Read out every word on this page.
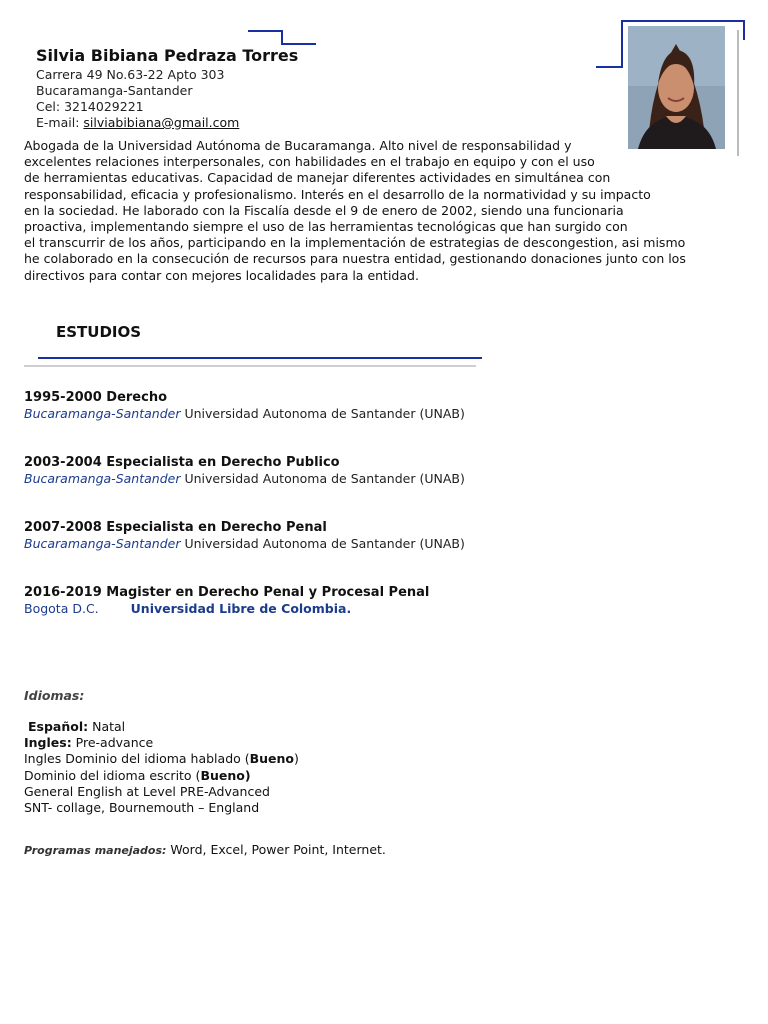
Silvia Bibiana Pedraza Torres
Carrera 49 No.63-22 Apto 303
Bucaramanga-Santander
Cel: 3214029221
E-mail: silviabibiana@gmail.com
Abogada de la Universidad Autónoma de Bucaramanga. Alto nivel de responsabilidad y
excelentes relaciones interpersonales, con habilidades en el trabajo en equipo y con el uso
de herramientas educativas. Capacidad de manejar diferentes actividades en simultánea con
responsabilidad, eficacia y profesionalismo. Interés en el desarrollo de la normatividad y su impacto
en la sociedad. He laborado con la Fiscalía desde el 9 de enero de 2002, siendo una funcionaria
proactiva, implementando siempre el uso de las herramientas tecnológicas que han surgido con
el transcurrir de los años, participando en la implementación de estrategias de descongestion, asi mismo
he colaborado en la consecución de recursos para nuestra entidad, gestionando donaciones junto con los
directivos para contar con mejores localidades para la entidad.
ESTUDIOS
1995-2000 Derecho
Bucaramanga-Santander Universidad Autonoma de Santander (UNAB)
2003-2004 Especialista en Derecho Publico
Bucaramanga-Santander Universidad Autonoma de Santander (UNAB)
2007-2008 Especialista en Derecho Penal
Bucaramanga-Santander Universidad Autonoma de Santander (UNAB)
2016-2019 Magister en Derecho Penal y Procesal Penal
Bogota D.C.	Universidad Libre de Colombia.
Idiomas:
Español: Natal
Ingles: Pre-advance
Ingles Dominio del idioma hablado (Bueno)
Dominio del idioma escrito (Bueno)
General English at Level PRE-Advanced
SNT- collage, Bournemouth – England
Programas manejados: Word, Excel, Power Point, Internet.
